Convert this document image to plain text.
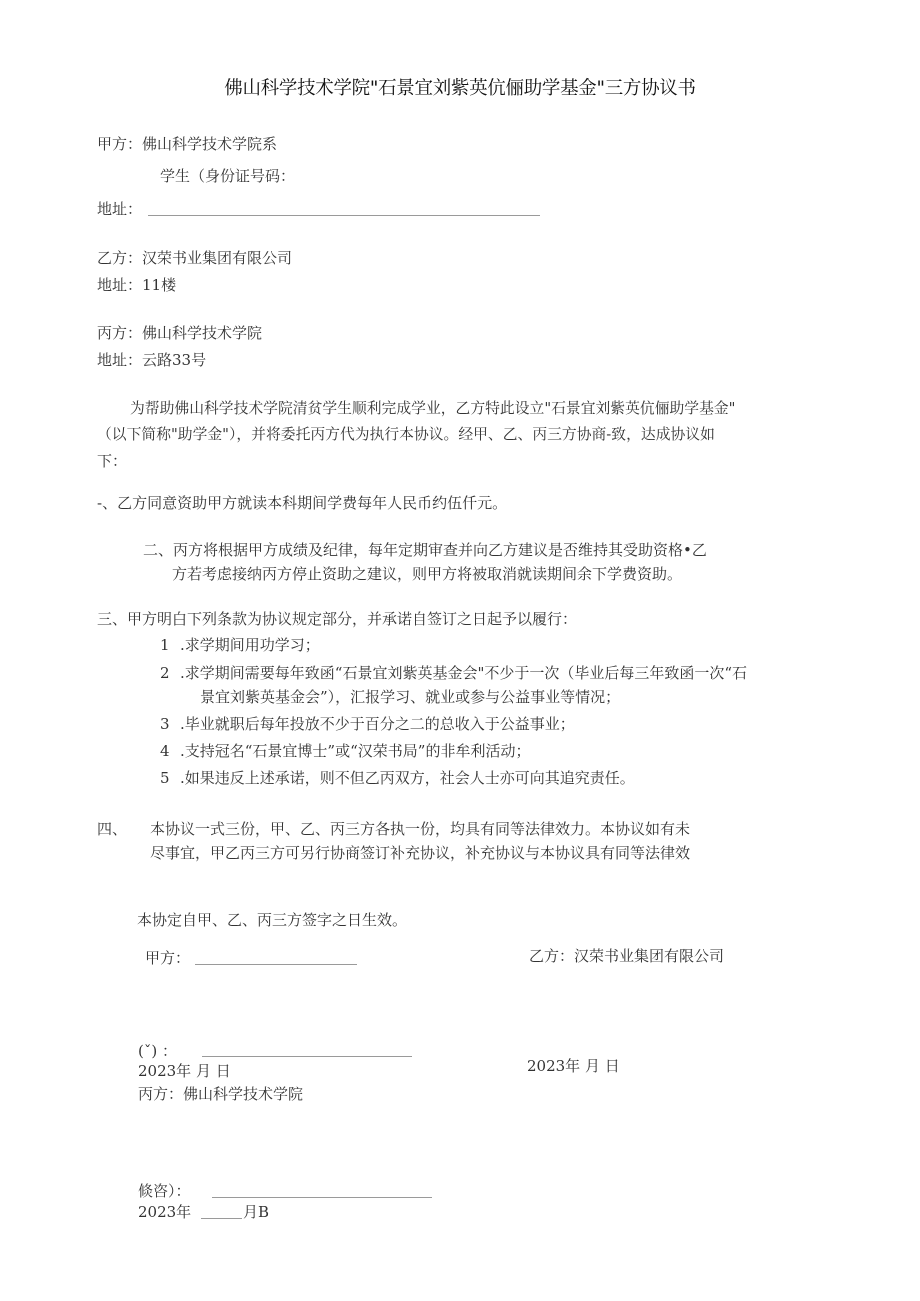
佛山科学技术学院"石景宜刘紫英伉俪助学基金"三方协议书
甲方：佛山科学技术学院系
学生（身份证号码：
地址：
乙方：汉荣书业集团有限公司
地址：11楼
丙方：佛山科学技术学院
地址：云路33号
为帮助佛山科学技术学院清贫学生顺利完成学业，乙方特此设立"石景宜刘紫英伉俪助学基金"
（以下简称"助学金"），并将委托丙方代为执行本协议。经甲、乙、丙三方协商-致，达成协议如
下：
-、乙方同意资助甲方就读本科期间学费每年人民币约伍仟元。
二、丙方将根据甲方成绩及纪律，每年定期审查并向乙方建议是否维持其受助资格•乙
方若考虑接纳丙方停止资助之建议，则甲方将被取消就读期间余下学费资助。
三、甲方明白下列条款为协议规定部分，并承诺自签订之日起予以履行：
1 .求学期间用功学习；
2 .求学期间需要每年致函“石景宜刘紫英基金会"不少于一次（毕业后每三年致函一次“石
景宜刘紫英基金会”），汇报学习、就业或参与公益事业等情况；
3 .毕业就职后每年投放不少于百分之二的总收入于公益事业；
4 .支持冠名“石景宜博士”或“汉荣书局”的非牟利活动；
5 .如果违反上述承诺，则不但乙丙双方，社会人士亦可向其追究责任。
四、 本协议一式三份，甲、乙、丙三方各执一份，均具有同等法律效力。本协议如有未
尽事宜，甲乙丙三方可另行协商签订补充协议，补充协议与本协议具有同等法律效
本协定自甲、乙、丙三方签字之日生效。
甲方：	乙方：汉荣书业集团有限公司
(ˇ) ：
2023年 月 日	2023年 月 日
丙方：佛山科学技术学院
倐咨）：
2023年	月B
